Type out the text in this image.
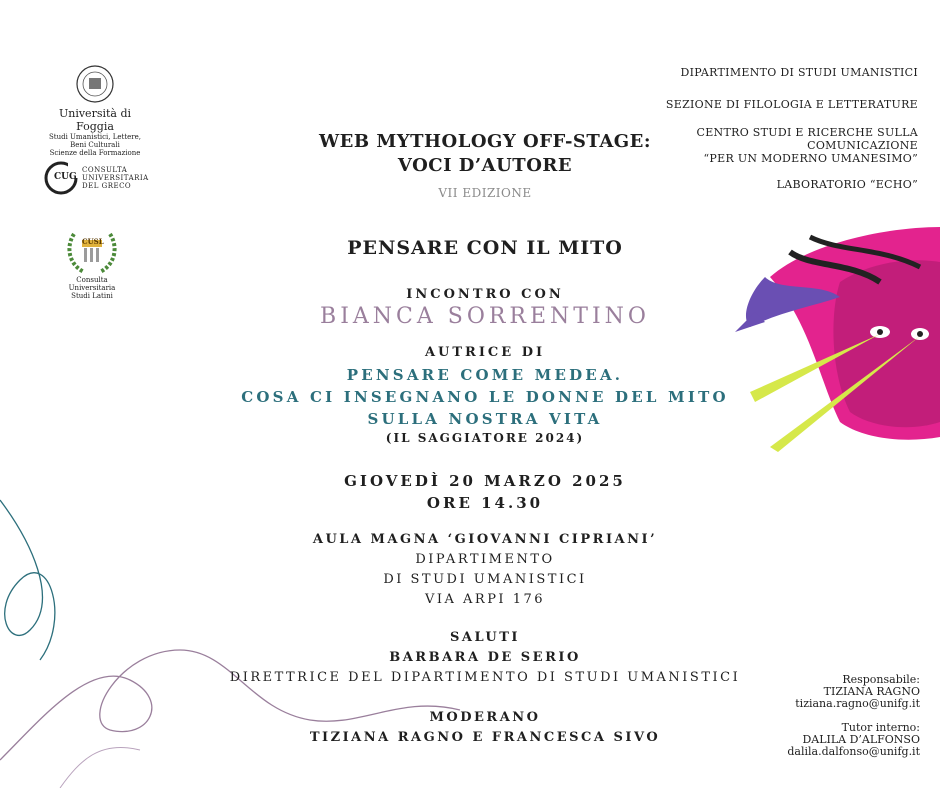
Università di Foggia
Studi Umanistici, Lettere, Beni Culturali
Scienze della Formazione
CUG
CONSULTA
UNIVERSITARIA
DEL GRECO
CUSL
Consulta Universitaria
Studi Latini
DIPARTIMENTO DI STUDI UMANISTICI
SEZIONE DI FILOLOGIA E LETTERATURE
CENTRO STUDI E RICERCHE SULLA
COMUNICAZIONE
“PER UN MODERNO UMANESIMO”
LABORATORIO “ECHO”
WEB MYTHOLOGY OFF-STAGE:
VOCI D’AUTORE
VII EDIZIONE
PENSARE CON IL MITO
INCONTRO CON
BIANCA SORRENTINO
AUTRICE DI
PENSARE COME MEDEA.
COSA CI INSEGNANO LE DONNE DEL MITO
SULLA NOSTRA VITA
(IL SAGGIATORE 2024)
GIOVEDÌ 20 MARZO 2025
ORE 14.30
AULA MAGNA ‘GIOVANNI CIPRIANI’
DIPARTIMENTO
DI STUDI UMANISTICI
VIA ARPI 176
SALUTI
BARBARA DE SERIO
DIRETTRICE DEL DIPARTIMENTO DI STUDI UMANISTICI
MODERANO
TIZIANA RAGNO E FRANCESCA SIVO
Responsabile:
TIZIANA RAGNO
tiziana.ragno@unifg.it
Tutor interno:
DALILA D’ALFONSO
dalila.dalfonso@unifg.it
